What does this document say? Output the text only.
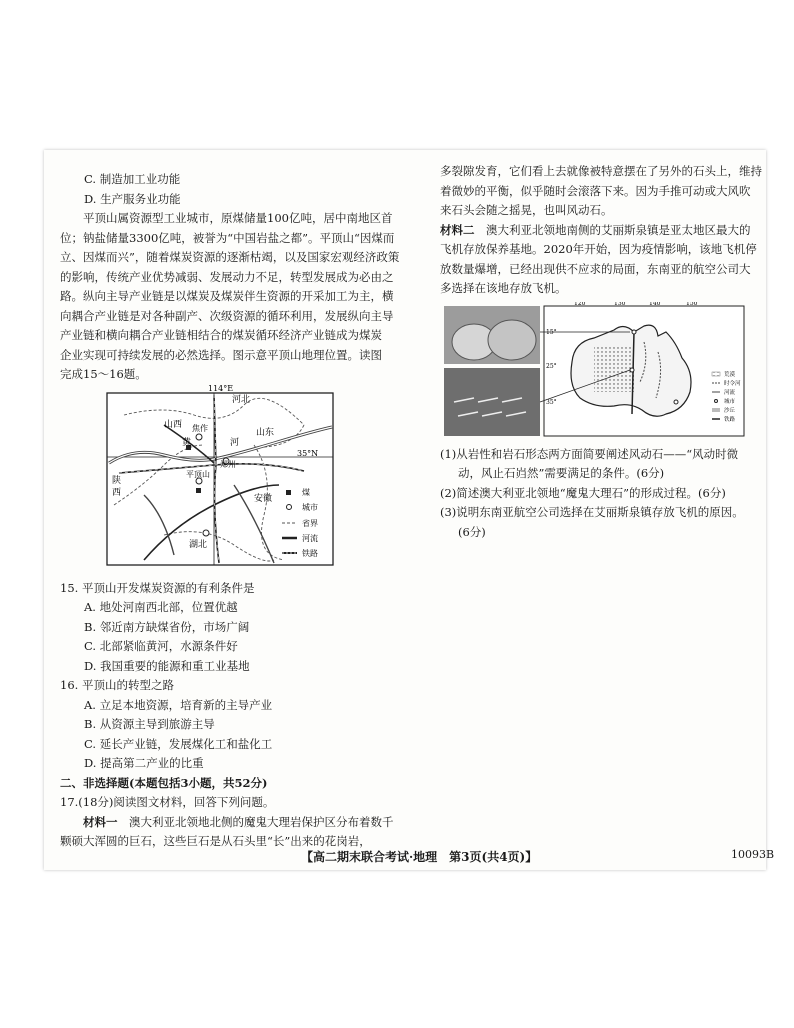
C. 制造加工业功能

D. 生产服务业功能

平顶山属资源型工业城市，原煤储量100亿吨，居中南地区首

位；钠盐储量3300亿吨，被誉为“中国岩盐之都”。平顶山“因煤而

立、因煤而兴”，随着煤炭资源的逐渐枯竭，以及国家宏观经济政策

的影响，传统产业优势减弱、发展动力不足，转型发展成为必由之

路。纵向主导产业链是以煤炭及煤炭伴生资源的开采加工为主，横

向耦合产业链是对各种副产、次级资源的循环利用，发展纵向主导

产业链和横向耦合产业链相结合的煤炭循环经济产业链成为煤炭

企业实现可持续发展的必然选择。图示意平顶山地理位置。读图

完成15～16题。

15. 平顶山开发煤炭资源的有利条件是

A. 地处河南西北部，位置优越

B. 邻近南方缺煤省份，市场广阔

C. 北部紧临黄河，水源条件好

D. 我国重要的能源和重工业基地

16. 平顶山的转型之路

A. 立足本地资源，培育新的主导产业

B. 从资源主导到旅游主导

C. 延长产业链，发展煤化工和盐化工

D. 提高第二产业的比重

二、非选择题(本题包括3小题，共52分)

17.(18分)阅读图文材料，回答下列问题。

材料一　 澳大利亚北领地北侧的魔鬼大理岩保护区分布着数千

颗硕大浑圆的巨石，这些巨石是从石头里“长”出来的花岗岩，

114°E
35°N
河北
山西 焦作
黄	河
山东
郑州
陕
西
平顶山
安徽
湖北
煤
城市
省界
河流
铁路

多裂隙发育，它们看上去就像被特意摆在了另外的石头上，维持

着微妙的平衡，似乎随时会滚落下来。因为手推可动或大风吹

来石头会随之摇晃，也叫风动石。

材料二　 澳大利亚北领地南侧的艾丽斯泉镇是亚太地区最大的

飞机存放保养基地。2020年开始，因为疫情影响，该地飞机停

放数量爆增，已经出现供不应求的局面，东南亚的航空公司大

多选择在该地存放飞机。

(1)从岩性和岩石形态两方面简要阐述风动石——“风动时微

动，风止石岿然”需要满足的条件。(6分)

(2)简述澳大利亚北领地“魔鬼大理石”的形成过程。(6分)

(3)说明东南亚航空公司选择在艾丽斯泉镇存放飞机的原因。

(6分)

120°	130°	140°	150°
15°
25°
35°
荒漠
时令河
河流
城市
沙丘
铁路
【高二期末联合考试·地理　第3页(共4页)】	10093B
